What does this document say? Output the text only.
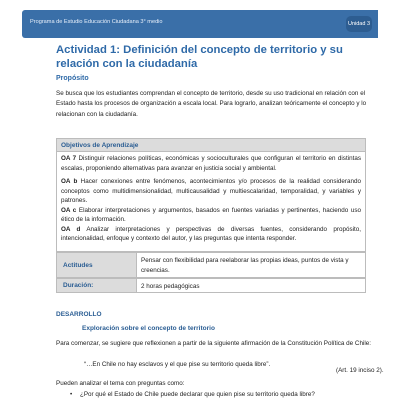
Programa de Estudio Educación Ciudadana 3° medio	Unidad 3
Actividad 1: Definición del concepto de territorio y su relación con la ciudadanía
Propósito
Se busca que los estudiantes comprendan el concepto de territorio, desde su uso tradicional en relación con el Estado hasta los procesos de organización a escala local. Para lograrlo, analizan teóricamente el concepto y lo relacionan con la ciudadanía.
Objetivos de Aprendizaje
OA 7 Distinguir relaciones políticas, económicas y socioculturales que configuran el territorio en distintas escalas, proponiendo alternativas para avanzar en justicia social y ambiental.
OA b Hacer conexiones entre fenómenos, acontecimientos y/o procesos de la realidad considerando conceptos como multidimensionalidad, multicausalidad y multiescalaridad, temporalidad, y variables y patrones.
OA c Elaborar interpretaciones y argumentos, basados en fuentes variadas y pertinentes, haciendo uso ético de la información.
OA d Analizar interpretaciones y perspectivas de diversas fuentes, considerando propósito, intencionalidad, enfoque y contexto del autor, y las preguntas que intenta responder.
Actitudes
Pensar con flexibilidad para reelaborar las propias ideas, puntos de vista y creencias.
Duración:	2 horas pedagógicas
DESARROLLO
Exploración sobre el concepto de territorio
Para comenzar, se sugiere que reflexionen a partir de la siguiente afirmación de la Constitución Política de Chile:
“…En Chile no hay esclavos y el que pise su territorio queda libre”.
(Art. 19 inciso 2).
Pueden analizar el tema con preguntas como:
• ¿Por qué el Estado de Chile puede declarar que quien pise su territorio queda libre?
